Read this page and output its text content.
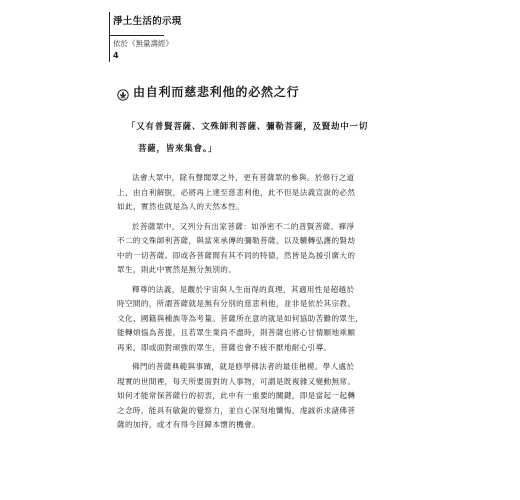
淨土生活的示現
依於《無量壽經》
4
由自利而慈悲利他的必然之行
「又有普賢菩薩、文殊師利菩薩、彌勒菩薩，及賢劫中一切
菩薩，皆來集會。」
法會大眾中，除有聲聞眾之外，更有菩薩眾的參與。於修行之道
上，由自利解脫，必將再上達至慈悲利他，此不但是法義宣說的必然
如此，實然也就是為人的天然本性。
於菩薩眾中，又列分有出家菩薩：如淨密不二的普賢菩薩、禪淨
不二的文殊師利菩薩，與當來承傳的彌勒菩薩，以及轆轉弘護的賢劫
中的一切菩薩。即或各菩薩間有其不同的特德，然皆是為援引廣大的
眾生，則此中實然是無分無別的。
釋尊的法義，是觀於宇宙與人生而得的真理，其適用性是超越於
時空間的，所謂菩薩就是無有分別的慈悲利他，並非是依於其宗教、
文化、國籍與種族等為考量。菩薩所在意的就是如何協助苦難的眾生，
能轉煩惱為菩提，且若眾生業尚不盡時，則菩薩也將心甘情願地乘願
再來，即或面對頑強的眾生，菩薩也會不疲不厭地耐心引導。
佛門的菩薩典範與事蹟，就是修學佛法者的最佳楷模。學人處於
現實的世間裡，每天所要面對的人事物，可謂是既複雜又變動無常。
如何才能常保菩薩行的初衷，此中有一重要的關鍵，即是當起一起轉
之念時，能具有敏銳的覺察力，並自心深刻地懺悔，虔誠祈求諸佛菩
薩的加持，或才有得今回歸本懷的機會。
